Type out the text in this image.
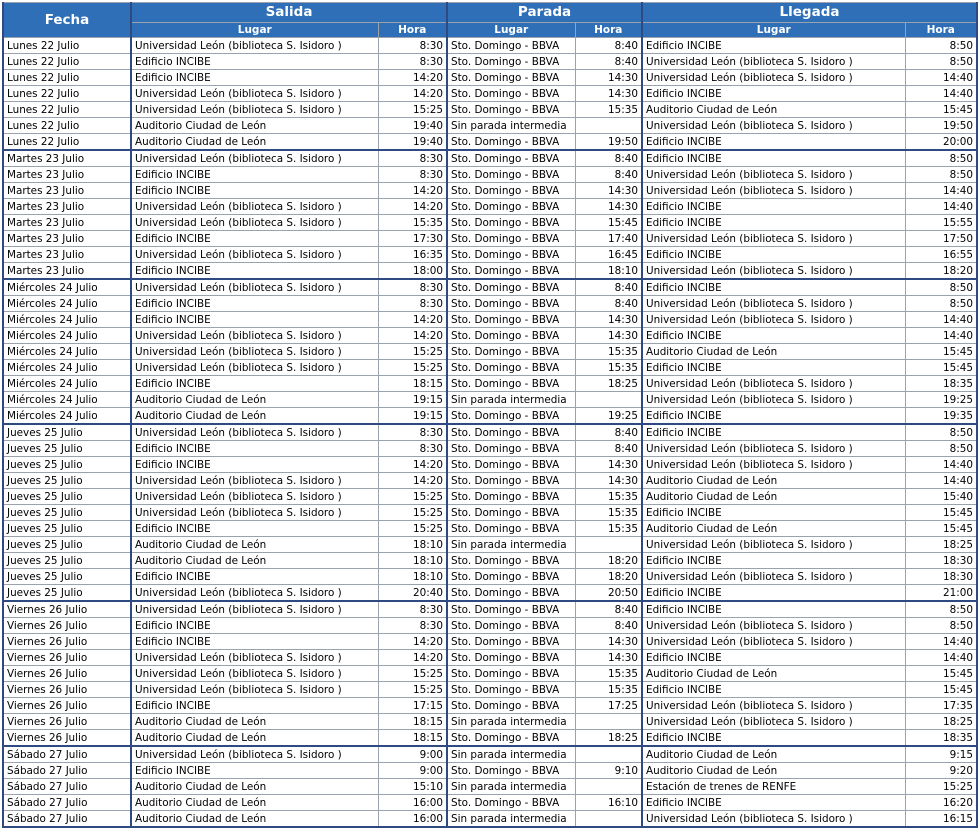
Fecha	Salida		Parada		Llegada	
	Lugar	Hora	Lugar	Hora	Lugar	Hora
Lunes 22 Julio	Universidad León (biblioteca S. Isidoro )	8:30	Sto. Domingo - BBVA	8:40	Edificio INCIBE	8:50
Lunes 22 Julio	Edificio INCIBE	8:30	Sto. Domingo - BBVA	8:40	Universidad León (biblioteca S. Isidoro )	8:50
Lunes 22 Julio	Edificio INCIBE	14:20	Sto. Domingo - BBVA	14:30	Universidad León (biblioteca S. Isidoro )	14:40
Lunes 22 Julio	Universidad León (biblioteca S. Isidoro )	14:20	Sto. Domingo - BBVA	14:30	Edificio INCIBE	14:40
Lunes 22 Julio	Universidad León (biblioteca S. Isidoro )	15:25	Sto. Domingo - BBVA	15:35	Auditorio Ciudad de León	15:45
Lunes 22 Julio	Auditorio Ciudad de León	19:40	Sin parada intermedia		Universidad León (biblioteca S. Isidoro )	19:50
Lunes 22 Julio	Auditorio Ciudad de León	19:40	Sto. Domingo - BBVA	19:50	Edificio INCIBE	20:00
Martes 23 Julio	Universidad León (biblioteca S. Isidoro )	8:30	Sto. Domingo - BBVA	8:40	Edificio INCIBE	8:50
Martes 23 Julio	Edificio INCIBE	8:30	Sto. Domingo - BBVA	8:40	Universidad León (biblioteca S. Isidoro )	8:50
Martes 23 Julio	Edificio INCIBE	14:20	Sto. Domingo - BBVA	14:30	Universidad León (biblioteca S. Isidoro )	14:40
Martes 23 Julio	Universidad León (biblioteca S. Isidoro )	14:20	Sto. Domingo - BBVA	14:30	Edificio INCIBE	14:40
Martes 23 Julio	Universidad León (biblioteca S. Isidoro )	15:35	Sto. Domingo - BBVA	15:45	Edificio INCIBE	15:55
Martes 23 Julio	Edificio INCIBE	17:30	Sto. Domingo - BBVA	17:40	Universidad León (biblioteca S. Isidoro )	17:50
Martes 23 Julio	Universidad León (biblioteca S. Isidoro )	16:35	Sto. Domingo - BBVA	16:45	Edificio INCIBE	16:55
Martes 23 Julio	Edificio INCIBE	18:00	Sto. Domingo - BBVA	18:10	Universidad León (biblioteca S. Isidoro )	18:20
Miércoles 24 Julio	Universidad León (biblioteca S. Isidoro )	8:30	Sto. Domingo - BBVA	8:40	Edificio INCIBE	8:50
Miércoles 24 Julio	Edificio INCIBE	8:30	Sto. Domingo - BBVA	8:40	Universidad León (biblioteca S. Isidoro )	8:50
Miércoles 24 Julio	Edificio INCIBE	14:20	Sto. Domingo - BBVA	14:30	Universidad León (biblioteca S. Isidoro )	14:40
Miércoles 24 Julio	Universidad León (biblioteca S. Isidoro )	14:20	Sto. Domingo - BBVA	14:30	Edificio INCIBE	14:40
Miércoles 24 Julio	Universidad León (biblioteca S. Isidoro )	15:25	Sto. Domingo - BBVA	15:35	Auditorio Ciudad de León	15:45
Miércoles 24 Julio	Universidad León (biblioteca S. Isidoro )	15:25	Sto. Domingo - BBVA	15:35	Edificio INCIBE	15:45
Miércoles 24 Julio	Edificio INCIBE	18:15	Sto. Domingo - BBVA	18:25	Universidad León (biblioteca S. Isidoro )	18:35
Miércoles 24 Julio	Auditorio Ciudad de León	19:15	Sin parada intermedia		Universidad León (biblioteca S. Isidoro )	19:25
Miércoles 24 Julio	Auditorio Ciudad de León	19:15	Sto. Domingo - BBVA	19:25	Edificio INCIBE	19:35
Jueves 25 Julio	Universidad León (biblioteca S. Isidoro )	8:30	Sto. Domingo - BBVA	8:40	Edificio INCIBE	8:50
Jueves 25 Julio	Edificio INCIBE	8:30	Sto. Domingo - BBVA	8:40	Universidad León (biblioteca S. Isidoro )	8:50
Jueves 25 Julio	Edificio INCIBE	14:20	Sto. Domingo - BBVA	14:30	Universidad León (biblioteca S. Isidoro )	14:40
Jueves 25 Julio	Universidad León (biblioteca S. Isidoro )	14:20	Sto. Domingo - BBVA	14:30	Auditorio Ciudad de León	14:40
Jueves 25 Julio	Universidad León (biblioteca S. Isidoro )	15:25	Sto. Domingo - BBVA	15:35	Auditorio Ciudad de León	15:40
Jueves 25 Julio	Universidad León (biblioteca S. Isidoro )	15:25	Sto. Domingo - BBVA	15:35	Edificio INCIBE	15:45
Jueves 25 Julio	Edificio INCIBE	15:25	Sto. Domingo - BBVA	15:35	Auditorio Ciudad de León	15:45
Jueves 25 Julio	Auditorio Ciudad de León	18:10	Sin parada intermedia		Universidad León (biblioteca S. Isidoro )	18:25
Jueves 25 Julio	Auditorio Ciudad de León	18:10	Sto. Domingo - BBVA	18:20	Edificio INCIBE	18:30
Jueves 25 Julio	Edificio INCIBE	18:10	Sto. Domingo - BBVA	18:20	Universidad León (biblioteca S. Isidoro )	18:30
Jueves 25 Julio	Universidad León (biblioteca S. Isidoro )	20:40	Sto. Domingo - BBVA	20:50	Edificio INCIBE	21:00
Viernes 26 Julio	Universidad León (biblioteca S. Isidoro )	8:30	Sto. Domingo - BBVA	8:40	Edificio INCIBE	8:50
Viernes 26 Julio	Edificio INCIBE	8:30	Sto. Domingo - BBVA	8:40	Universidad León (biblioteca S. Isidoro )	8:50
Viernes 26 Julio	Edificio INCIBE	14:20	Sto. Domingo - BBVA	14:30	Universidad León (biblioteca S. Isidoro )	14:40
Viernes 26 Julio	Universidad León (biblioteca S. Isidoro )	14:20	Sto. Domingo - BBVA	14:30	Edificio INCIBE	14:40
Viernes 26 Julio	Universidad León (biblioteca S. Isidoro )	15:25	Sto. Domingo - BBVA	15:35	Auditorio Ciudad de León	15:45
Viernes 26 Julio	Universidad León (biblioteca S. Isidoro )	15:25	Sto. Domingo - BBVA	15:35	Edificio INCIBE	15:45
Viernes 26 Julio	Edificio INCIBE	17:15	Sto. Domingo - BBVA	17:25	Universidad León (biblioteca S. Isidoro )	17:35
Viernes 26 Julio	Auditorio Ciudad de León	18:15	Sin parada intermedia		Universidad León (biblioteca S. Isidoro )	18:25
Viernes 26 Julio	Auditorio Ciudad de León	18:15	Sto. Domingo - BBVA	18:25	Edificio INCIBE	18:35
Sábado 27 Julio	Universidad León (biblioteca S. Isidoro )	9:00	Sin parada intermedia		Auditorio Ciudad de León	9:15
Sábado 27 Julio	Edificio INCIBE	9:00	Sto. Domingo - BBVA	9:10	Auditorio Ciudad de León	9:20
Sábado 27 Julio	Auditorio Ciudad de León	15:10	Sin parada intermedia		Estación de trenes de RENFE	15:25
Sábado 27 Julio	Auditorio Ciudad de León	16:00	Sto. Domingo - BBVA	16:10	Edificio INCIBE	16:20
Sábado 27 Julio	Auditorio Ciudad de León	16:00	Sin parada intermedia		Universidad León (biblioteca S. Isidoro )	16:15
